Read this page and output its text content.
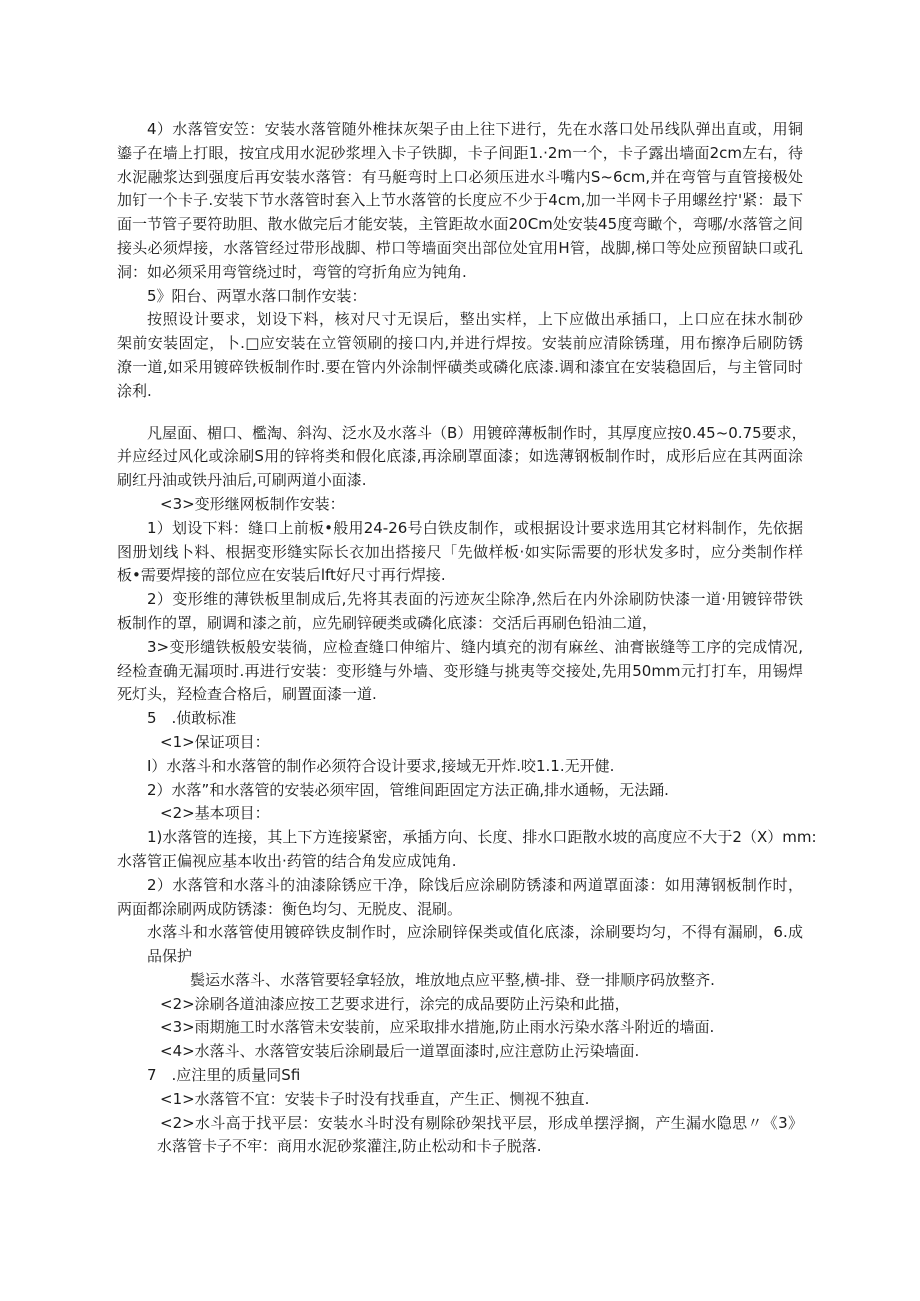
4）水落管安笠：安装水落管随外椎抹灰架子由上往下进行，先在水落口处吊线队弹出直或，用铜
鎏子在墙上打眼，按宜戌用水泥砂浆埋入卡子铁脚，卡子间距1.·2m一个，卡子露出墙面2cm左右，待
水泥融浆达到强度后再安装水落管：有马艇弯时上口必须压进水斗嘴内S~6cm,并在弯管与直管接极处
加钉一个卡子.安装下节水落管时套入上节水落管的长度应不少于4cm,加一半网卡子用螺丝拧'紧：最下
面一节管子要符助胆、散水做完后才能安装，主管距故水面20Cm处安装45度弯瞰个，弯哪/水落管之间
接头必须焊接，水落管经过带形战脚、栉口等墙面突出部位处宜用H管，战脚,梯口等处应预留缺口或孔
洞：如必须采用弯管绕过时，弯管的穹折角应为钝角.
5》阳台、两罩水落口制作安装：
按照设计要求，划设下料，核对尺寸无误后，整出实样，上下应做出承插口，上口应在抹水制砂
架前安装固定，卜.□应安装在立管领刷的接口内,并进行焊按。安装前应清除锈瑾，用布擦净后刷防锈
潦一道,如采用镀碎铁板制作时.要在管内外涂制怦磺类或磷化底漆.调和漆宜在安装稳固后，与主管同时
涂利.
凡屋面、楣口、檻淘、斜沟、泛水及水落斗（B）用镀碎薄板制作时，其厚度应按0.45~0.75要求，
并应经过风化或涂刷S用的锌将类和假化底漆,再涂刷罩面漆；如选薄钢板制作时，成形后应在其两面涂
刷红丹油或铁丹油后,可刷两道小面漆.
<3>变形继网板制作安装：
1）划设下料：缝口上前板•般用24-26号白铁皮制作，或根据设计要求选用其它材料制作，先依据
图册划线卜料、根据变形缝实际长衣加出搭接尺「先做样板·如实际需要的形状发多时，应分类制作样
板•需要焊接的部位应在安装后lft好尺寸再行焊接.
2）变形维的薄铁板里制成后,先将其表面的污迹灰尘除净,然后在内外涂刷防快漆一道·用镀锌带铁
板制作的罩，刷调和漆之前，应先刷锌硬类或磷化底漆：交活后再刷色铅油二道，
3>变形缱铁板般安装徜，应检查缝口伸缩片、缝内填充的沏有麻丝、油膏嵌缝等工序的完成情况,
经检查确无漏项时.再进行安装：变形缝与外墙、变形缝与挑夷等交接处,先用50mm元打打车，用锡焊
死灯头，羟检查合格后，刷置面漆一道.
5　.侦敢标准
<1>保证项目：
I）水落斗和水落管的制作必须符合设计要求,接域无开炸.咬1.1.无开健.
2）水落”和水落管的安装必须牢固，管维间距固定方法正确,排水通畅，无法踊.
<2>基本项目：
1)水落管的连接，其上下方连接紧密，承插方向、长度、排水口距散水坡的高度应不大于2（X）mm:
水落管正偏视应基本收出·药管的结合角发应成饨角.
2）水落管和水落斗的油漆除锈应干净，除饯后应涂刷防锈漆和两道罩面漆：如用薄钢板制作时，
两面都涂刷两成防锈漆：衡色均匀、无脱皮、混刷。
水落斗和水落管使用镀碎铁皮制作时，应涂刷锌保类或值化底漆，涂刷要均匀，不得有漏刷，6.成
品保护
鬓运水落斗、水落管要轻拿轻放，堆放地点应平整,横-排、登一排顺序码放整齐.
<2>涂刷各道油漆应按工艺要求进行，涂完的成品要防止污染和此描，
<3>雨期施工时水落管未安装前，应采取排水措施,防止雨水污染水落斗附近的墙面.
<4>水落斗、水落管安装后涂刷最后一道罩面漆时,应注意防止污染墙面.
7　.应注里的质量同Sfi
<1>水落管不宜：安装卡子时没有找垂直，产生正、恻视不独直.
<2>水斗高于找平层：安装水斗时没有剔除砂架找平层，形成单摆浮搁，产生漏水隐思〃《3》
水落管卡子不牢：商用水泥砂浆灌注,防止松动和卡子脱落.
